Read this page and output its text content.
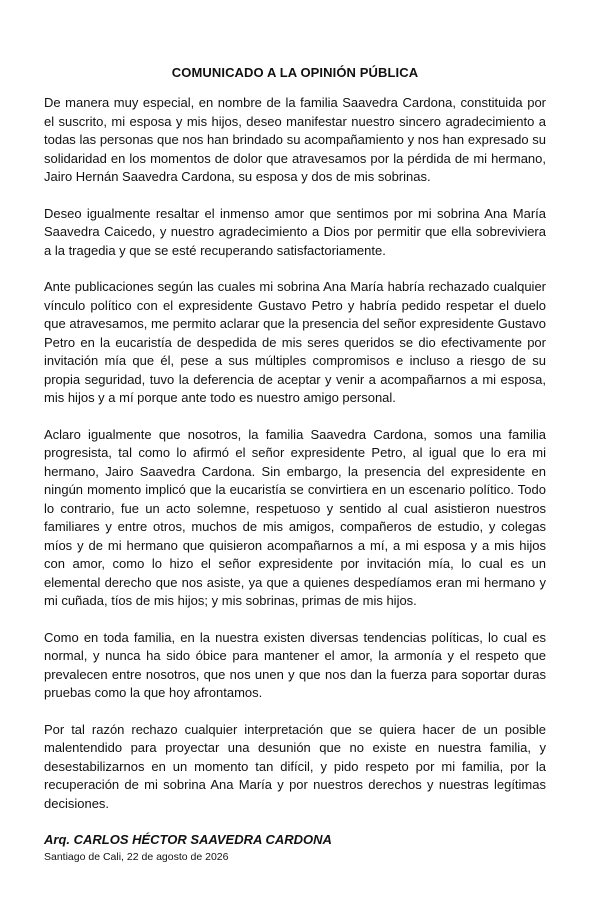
COMUNICADO A LA OPINIÓN PÚBLICA

De manera muy especial, en nombre de la familia Saavedra Cardona, constituida por el suscrito, mi esposa y mis hijos, deseo manifestar nuestro sincero agradecimiento a todas las personas que nos han brindado su acompañamiento y nos han expresado su solidaridad en los momentos de dolor que atravesamos por la pérdida de mi hermano, Jairo Hernán Saavedra Cardona, su esposa y dos de mis sobrinas.

Deseo igualmente resaltar el inmenso amor que sentimos por mi sobrina Ana María Saavedra Caicedo, y nuestro agradecimiento a Dios por permitir que ella sobreviviera a la tragedia y que se esté recuperando satisfactoriamente.

Ante publicaciones según las cuales mi sobrina Ana María habría rechazado cualquier vínculo político con el expresidente Gustavo Petro y habría pedido respetar el duelo que atravesamos, me permito aclarar que la presencia del señor expresidente Gustavo Petro en la eucaristía de despedida de mis seres queridos se dio efectivamente por invitación mía que él, pese a sus múltiples compromisos e incluso a riesgo de su propia seguridad, tuvo la deferencia de aceptar y venir a acompañarnos a mi esposa, mis hijos y a mí porque ante todo es nuestro amigo personal.

Aclaro igualmente que nosotros, la familia Saavedra Cardona, somos una familia progresista, tal como lo afirmó el señor expresidente Petro, al igual que lo era mi hermano, Jairo Saavedra Cardona. Sin embargo, la presencia del expresidente en ningún momento implicó que la eucaristía se convirtiera en un escenario político. Todo lo contrario, fue un acto solemne, respetuoso y sentido al cual asistieron nuestros familiares y entre otros, muchos de mis amigos, compañeros de estudio, y colegas míos y de mi hermano que quisieron acompañarnos a mí, a mi esposa y a mis hijos con amor, como lo hizo el señor expresidente por invitación mía, lo cual es un elemental derecho que nos asiste, ya que a quienes despedíamos eran mi hermano y mi cuñada, tíos de mis hijos; y mis sobrinas, primas de mis hijos.

Como en toda familia, en la nuestra existen diversas tendencias políticas, lo cual es normal, y nunca ha sido óbice para mantener el amor, la armonía y el respeto que prevalecen entre nosotros, que nos unen y que nos dan la fuerza para soportar duras pruebas como la que hoy afrontamos.

Por tal razón rechazo cualquier interpretación que se quiera hacer de un posible malentendido para proyectar una desunión que no existe en nuestra familia, y desestabilizarnos en un momento tan difícil, y pido respeto por mi familia, por la recuperación de mi sobrina Ana María y por nuestros derechos y nuestras legítimas decisiones.

Arq. CARLOS HÉCTOR SAAVEDRA CARDONA
Santiago de Cali, 22 de agosto de 2026
